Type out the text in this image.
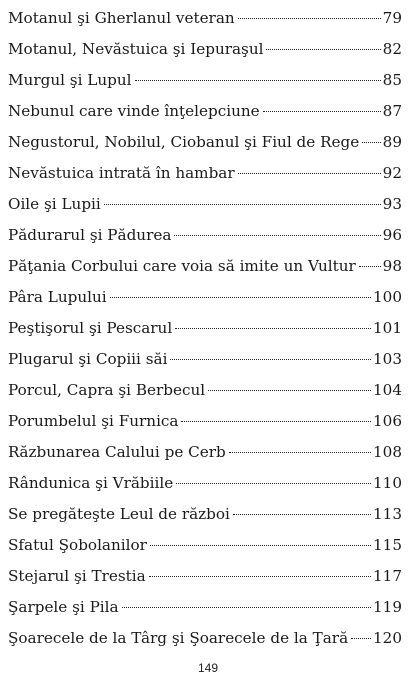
Motanul şi Gherlanul veteran	79
Motanul, Nevăstuica şi Iepuraşul	82
Murgul şi Lupul	85
Nebunul care vinde înţelepciune	87
Negustorul, Nobilul, Ciobanul şi Fiul de Rege 89
Nevăstuica intrată în hambar	92
Oile şi Lupii	93
Pădurarul şi Pădurea	96
Păţania Corbului care voia să imite un Vultur 98
Pâra Lupului	100
Peştişorul şi Pescarul	101
Plugarul şi Copiii săi	103
Porcul, Capra şi Berbecul	104
Porumbelul şi Furnica	106
Răzbunarea Calului pe Cerb	108
Rândunica şi Vrăbiile	110
Se pregăteşte Leul de război	113
Sfatul Şobolanilor	115
Stejarul şi Trestia	117
Şarpele şi Pila	119
Şoarecele de la Târg şi Şoarecele de la Ţară 120
149
